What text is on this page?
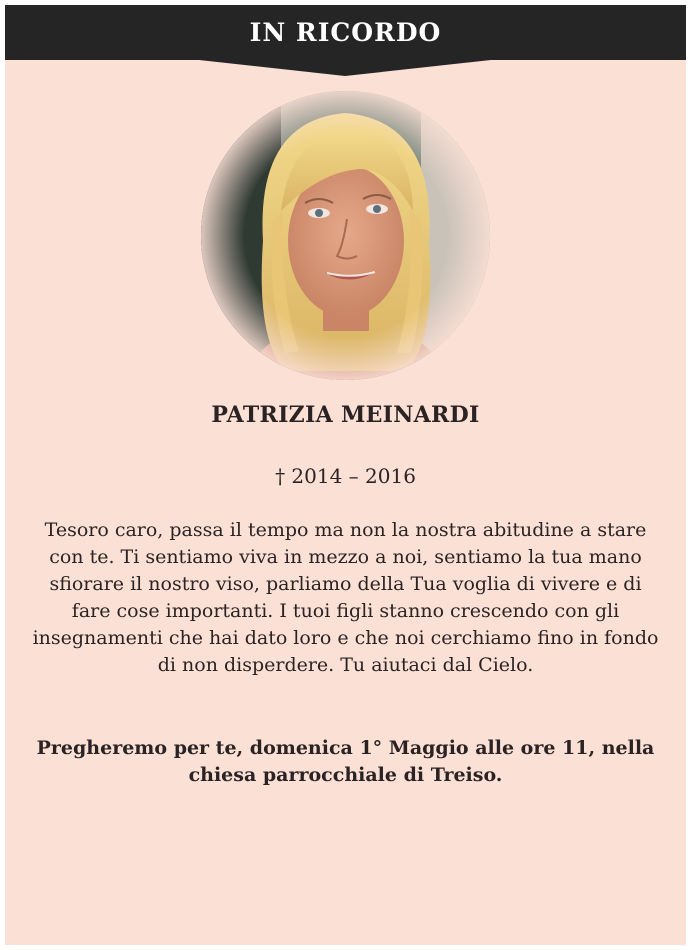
IN RICORDO
PATRIZIA MEINARDI
† 2014 – 2016

Tesoro caro, passa il tempo ma non la nostra abitudine a stare con te. Ti sentiamo viva in mezzo a noi, sentiamo la tua mano sfiorare il nostro viso, parliamo della Tua voglia di vivere e di fare cose importanti. I tuoi figli stanno crescendo con gli insegnamenti che hai dato loro e che noi cerchiamo fino in fondo di non disperdere. Tu aiutaci dal Cielo.

Pregheremo per te, domenica 1° Maggio alle ore 11, nella chiesa parrocchiale di Treiso.
